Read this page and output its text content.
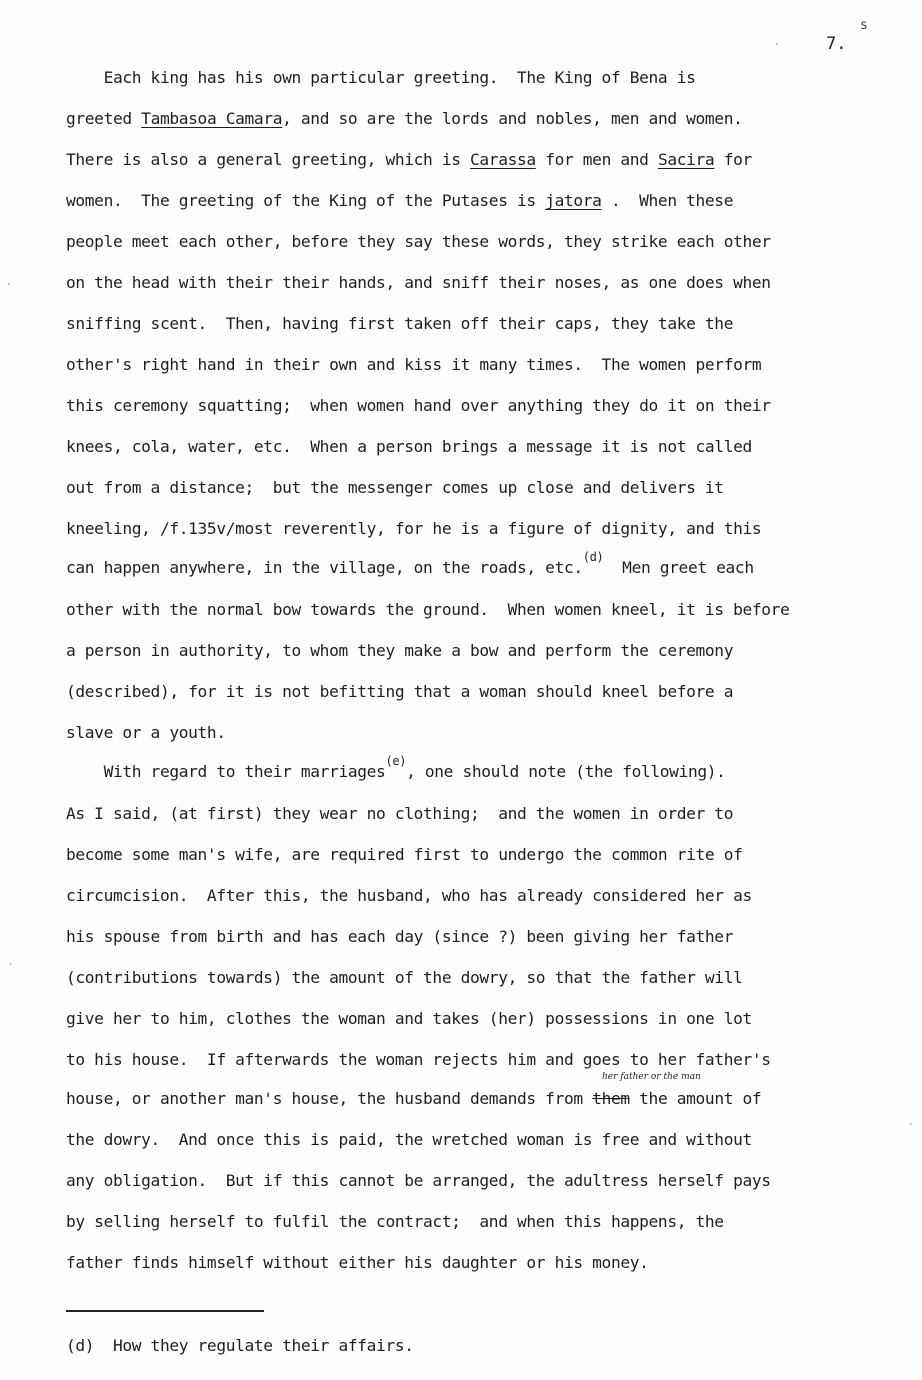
7.
s
·
·
·
·
Each king has his own particular greeting.  The King of Bena is
greeted Tambasoa Camara, and so are the lords and nobles, men and women.
There is also a general greeting, which is Carassa for men and Sacira for
women.  The greeting of the King of the Putases is jatora .  When these
people meet each other, before they say these words, they strike each other
on the head with their their hands, and sniff their noses, as one does when
sniffing scent.  Then, having first taken off their caps, they take the
other's right hand in their own and kiss it many times.  The women perform
this ceremony squatting;  when women hand over anything they do it on their
knees, cola, water, etc.  When a person brings a message it is not called
out from a distance;  but the messenger comes up close and delivers it
kneeling, /f.135v/most reverently, for he is a figure of dignity, and this
can happen anywhere, in the village, on the roads, etc.$^{(d)}$  Men greet each
other with the normal bow towards the ground.  When women kneel, it is before
a person in authority, to whom they make a bow and perform the ceremony
(described), for it is not befitting that a woman should kneel before a
slave or a youth.
With regard to their marriages$^{(e)}$, one should note (the following).
As I said, (at first) they wear no clothing;  and the women in order to
become some man's wife, are required first to undergo the common rite of
circumcision.  After this, the husband, who has already considered her as
his spouse from birth and has each day (since ?) been giving her father
(contributions towards) the amount of the dowry, so that the father will
give her to him, clothes the woman and takes (her) possessions in one lot
to his house.  If afterwards the woman rejects him and goes to her father's
house, or another man's house, the husband demands from them the amount of
the dowry.  And once this is paid, the wretched woman is free and without
any obligation.  But if this cannot be arranged, the adultress herself pays
by selling herself to fulfil the contract;  and when this happens, the
father finds himself without either his daughter or his money.
her father or the man
(d)  How they regulate their affairs.
